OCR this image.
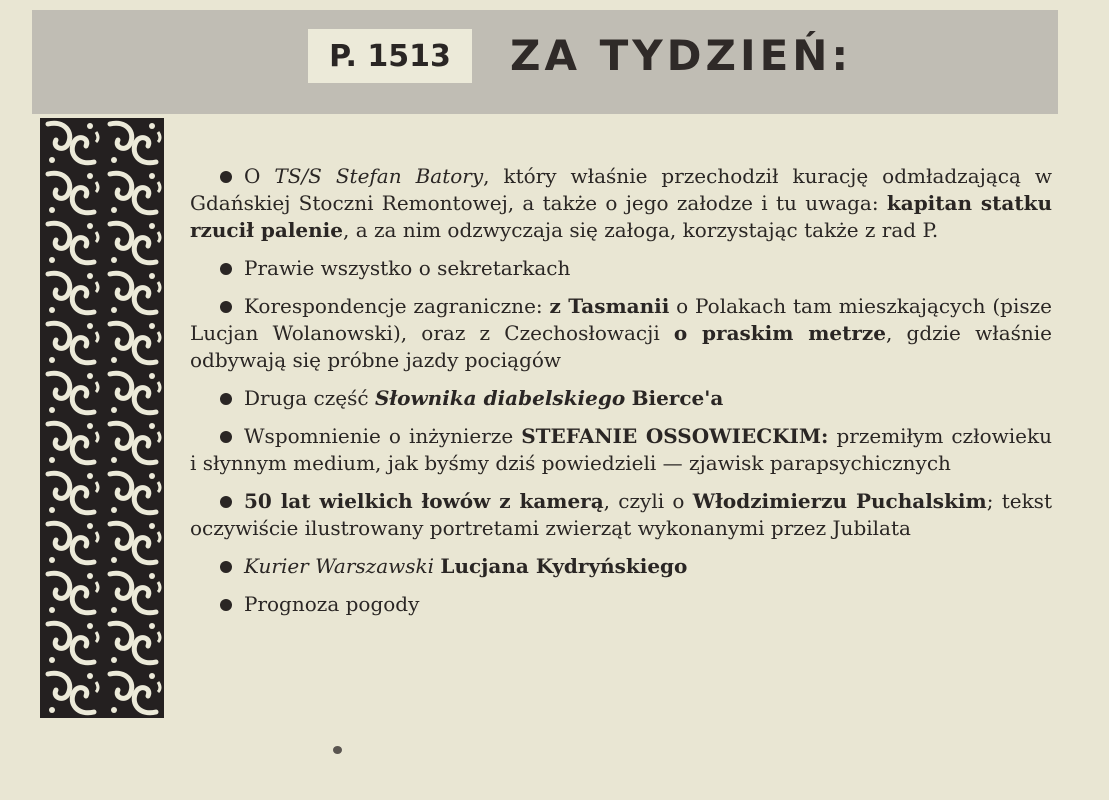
P. 1513	ZA TYDZIEŃ:
O TS/S Stefan Batory, który właśnie przechodził kurację odmładzającą w Gdańskiej Stoczni Remontowej, a także o jego załodze i tu uwaga: kapitan statku rzucił palenie, a za nim odzwyczaja się załoga, korzystając także z rad P.
Prawie wszystko o sekretarkach
Korespondencje zagraniczne: z Tasmanii o Polakach tam mieszkających (pisze Lucjan Wolanowski), oraz z Czechosłowacji o praskim metrze, gdzie właśnie odbywają się próbne jazdy pociągów
Druga część Słownika diabelskiego Bierce'a
Wspomnienie o inżynierze STEFANIE OSSOWIECKIM: przemiłym człowieku i słynnym medium, jak byśmy dziś powiedzieli — zjawisk parapsychicznych
50 lat wielkich łowów z kamerą, czyli o Włodzimierzu Puchalskim; tekst oczywiście ilustrowany portretami zwierząt wykonanymi przez Jubilata
Kurier Warszawski Lucjana Kydryńskiego
Prognoza pogody
